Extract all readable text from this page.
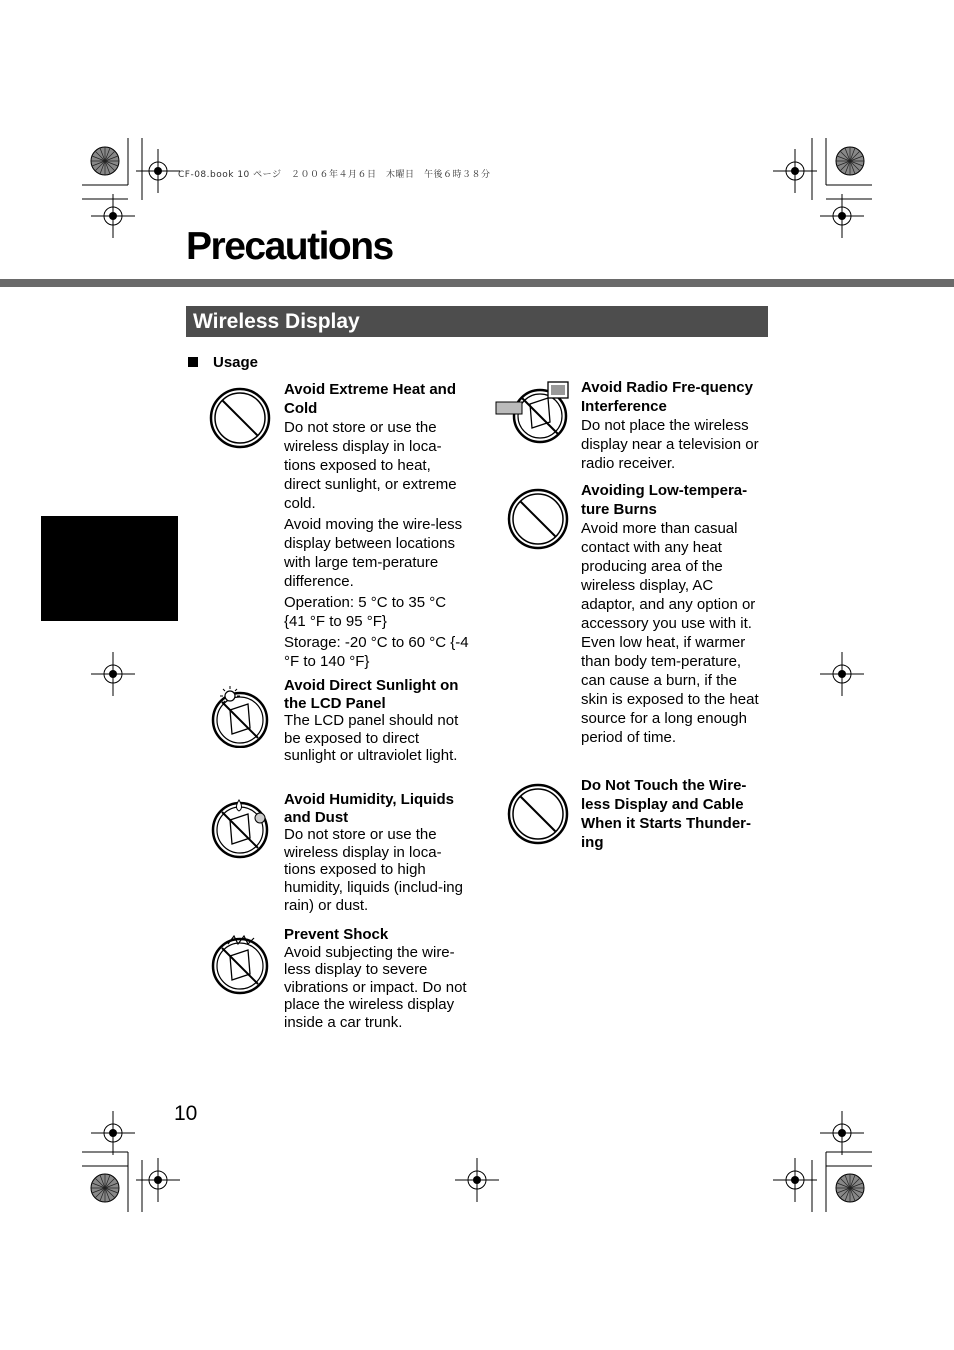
CF-08.book 10 ページ　２００６年４月６日　木曜日　午後６時３８分
Precautions
Wireless Display
Usage
Avoid Extreme Heat and Cold

Do not store or use the wireless display in loca-tions exposed to heat, direct sunlight, or extreme cold.

Avoid moving the wire-less display between locations with large tem-perature difference.

Operation: 5 °C to 35 °C {41 °F to 95 °F}

Storage: -20 °C to 60 °C {-4 °F to 140 °F}

Avoid Direct Sunlight on the LCD Panel

The LCD panel should not be exposed to direct sunlight or ultraviolet light.

Avoid Humidity, Liquids and Dust

Do not store or use the wireless display in loca-tions exposed to high humidity, liquids (includ-ing rain) or dust.

Prevent Shock

Avoid subjecting the wire-less display to severe vibrations or impact. Do not place the wireless display inside a car trunk.

Avoid Radio Fre-quency Interference

Do not place the wireless display near a television or radio receiver.

Avoiding Low-tempera-ture Burns

Avoid more than casual contact with any heat producing area of the wireless display, AC adaptor, and any option or accessory you use with it. Even low heat, if warmer than body tem-perature, can cause a burn, if the skin is exposed to the heat source for a long enough period of time.

Do Not Touch the Wire-less Display and Cable When it Starts Thunder-ing
10
